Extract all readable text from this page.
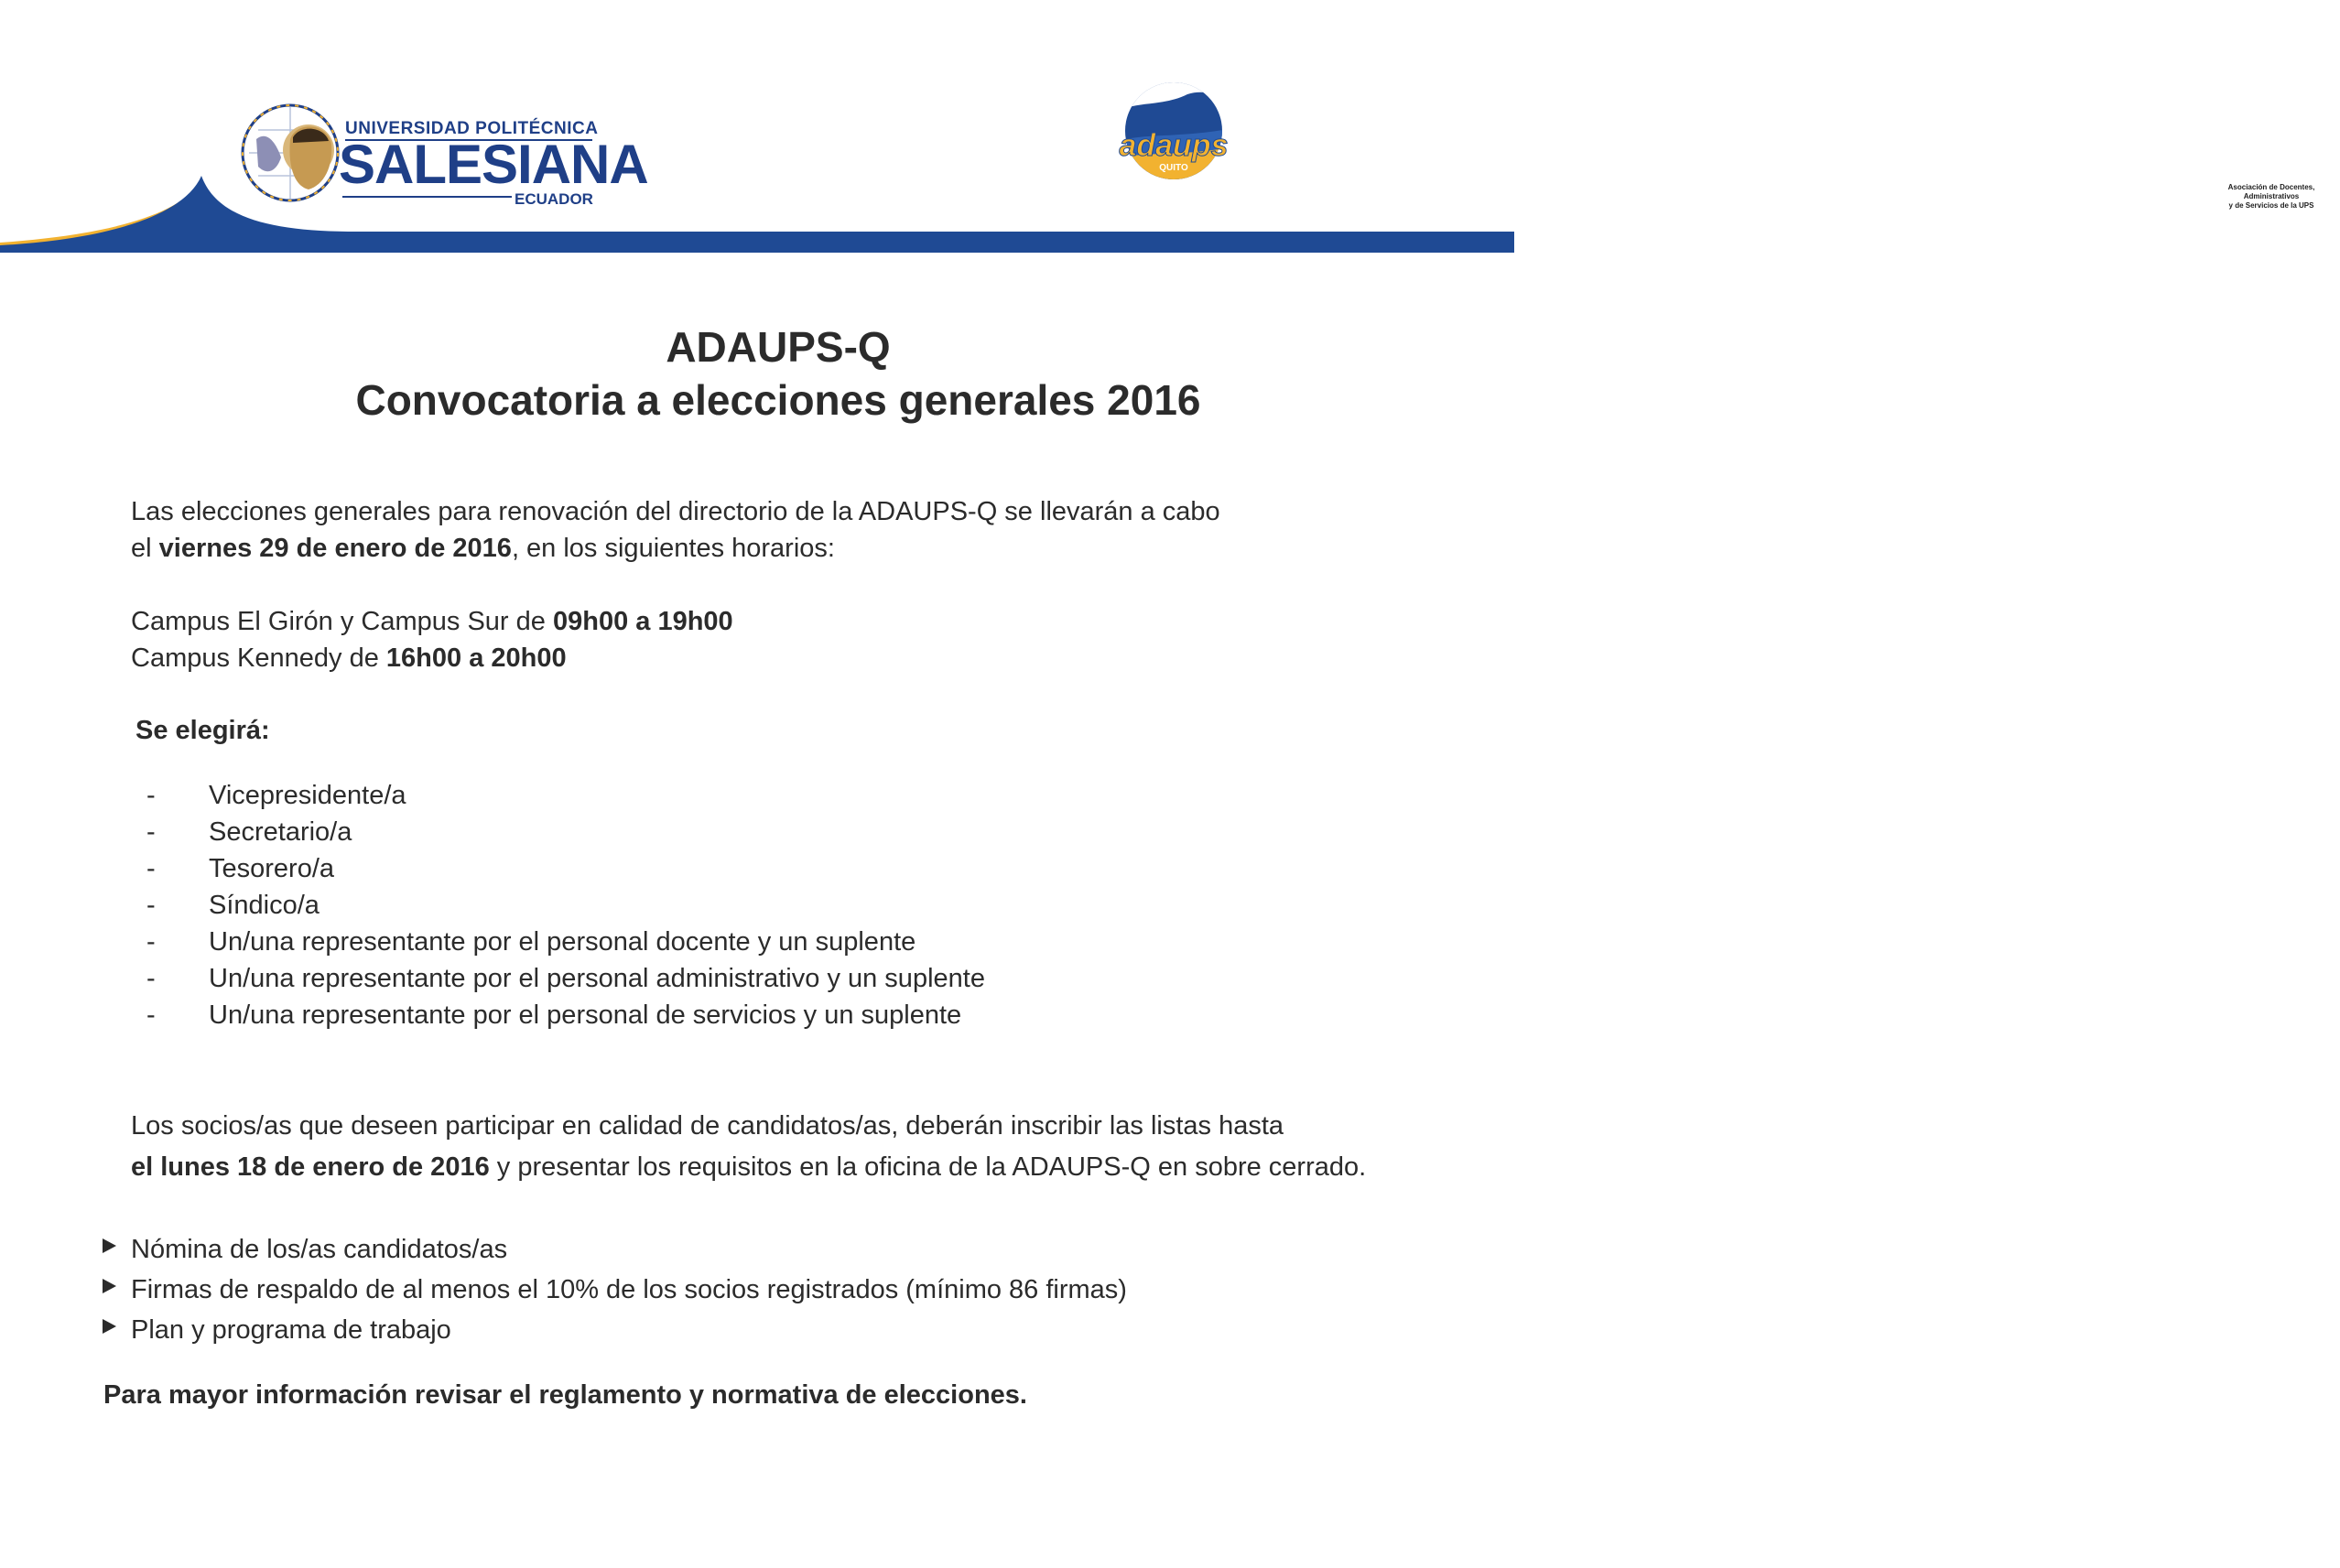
UNIVERSIDAD POLITÉCNICA
SALESIANA
ECUADOR
adaups
QUITO
Asociación de Docentes, Administrativos
y de Servicios de la UPS
ADAUPS-Q
Convocatoria a elecciones generales 2016
Las elecciones generales para renovación del directorio de la ADAUPS-Q se llevarán a cabo
el viernes 29 de enero de 2016, en los siguientes horarios:
Campus El Girón y Campus Sur de 09h00 a 19h00
Campus Kennedy de 16h00 a 20h00
Se elegirá:
- Vicepresidente/a
- Secretario/a
- Tesorero/a
- Síndico/a
- Un/una representante por el personal docente y un suplente
- Un/una representante por el personal administrativo y un suplente
- Un/una representante por el personal de servicios y un suplente
Los socios/as que deseen participar en calidad de candidatos/as, deberán inscribir las listas hasta
el lunes 18 de enero de 2016 y presentar los requisitos en la oficina de la ADAUPS-Q en sobre cerrado.
Nómina de los/as candidatos/as
Firmas de respaldo de al menos el 10% de los socios registrados (mínimo 86 firmas)
Plan y programa de trabajo
Para mayor información revisar el reglamento y normativa de elecciones.
